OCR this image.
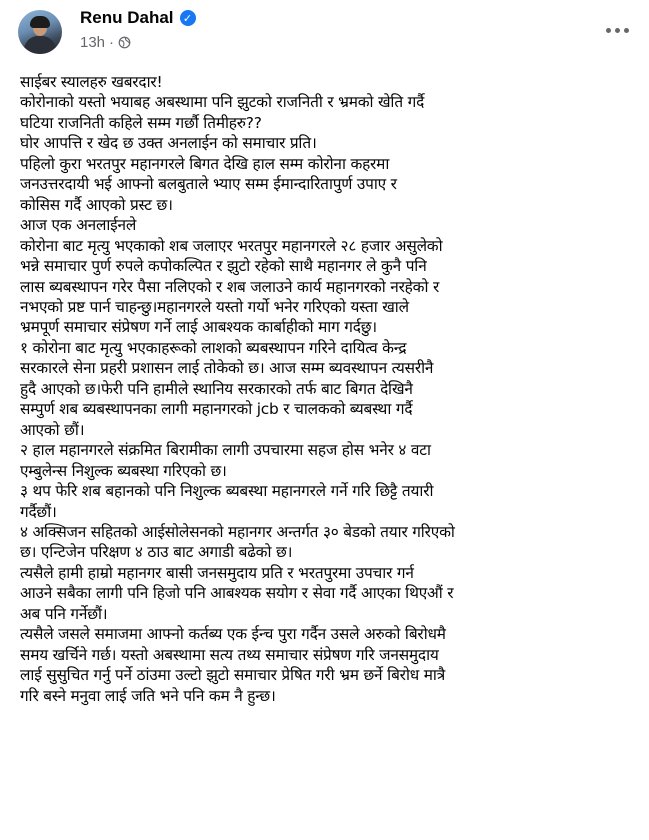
Renu Dahal ✓
13h ·
साईबर स्यालहरु खबरदार!
कोरोनाको यस्तो भयाबह अबस्थामा पनि झुटको राजनिती र भ्रमको खेति गर्दै
घटिया राजनिती कहिले सम्म गर्छौ तिमीहरु??
घोर आपत्ति र खेद छ उक्त अनलाईन को समाचार प्रति।
पहिलो कुरा भरतपुर महानगरले बिगत देखि हाल सम्म कोरोना कहरमा
जनउत्तरदायी भई आफ्नो बलबुताले भ्याए सम्म ईमान्दारितापुर्ण उपाए र
कोसिस गर्दै आएको प्रस्ट छ।
आज एक अनलाईनले
कोरोना बाट मृत्यु भएकाको शब जलाएर भरतपुर महानगरले २८ हजार असुलेको
भन्ने समाचार पुर्ण रुपले कपोकल्पित र झुटो रहेको साथै महानगर ले कुनै पनि
लास ब्यबस्थापन गरेर पैसा नलिएको र शब जलाउने कार्य महानगरको नरहेको र
नभएको प्रष्ट पार्न चाहन्छु।महानगरले यस्तो गर्यो भनेर गरिएको यस्ता खाले
भ्रमपूर्ण समाचार संप्रेषण गर्ने लाई आबश्यक कार्बाहीको माग गर्दछु।
१ कोरोना बाट मृत्यु भएकाहरूको लाशको ब्यबस्थापन गरिने दायित्व केन्द्र
सरकारले सेना प्रहरी प्रशासन लाई तोकेको छ। आज सम्म ब्यवस्थापन त्यसरीनै
हुदै आएको छ।फेरी पनि हामीले स्थानिय सरकारको तर्फ बाट बिगत देखिनै
सम्पुर्ण शब ब्यबस्थापनका लागी महानगरको jcb र चालकको ब्यबस्था गर्दै
आएको छौं।
२ हाल महानगरले संक्रमित बिरामीका लागी उपचारमा सहज होस भनेर ४ वटा
एम्बुलेन्स निशुल्क ब्यबस्था गरिएको छ।
३ थप फेरि शब बहानको पनि निशुल्क ब्यबस्था महानगरले गर्ने गरि छिट्टै तयारी
गर्दैछौं।
४ अक्सिजन सहितको आईसोलेसनको महानगर अन्तर्गत ३० बेडको तयार गरिएको
छ। एन्टिजेन परिक्षण ४ ठाउ बाट अगाडी बढेको छ।
त्यसैले हामी हाम्रो महानगर बासी जनसमुदाय प्रति र भरतपुरमा उपचार गर्न
आउने सबैका लागी पनि हिजो पनि आबश्यक सयोग र सेवा गर्दै आएका थिएऔं र
अब पनि गर्नेछौं।
त्यसैले जसले समाजमा आफ्नो कर्तब्य एक ईन्च पुरा गर्दैन उसले अरुको बिरोधमै
समय खर्चिने गर्छ। यस्तो अबस्थामा सत्य तथ्य समाचार संप्रेषण गरि जनसमुदाय
लाई सुसुचित गर्नु पर्ने ठांउमा उल्टो झुटो समाचार प्रेषित गरी भ्रम छर्ने बिरोध मात्रै
गरि बस्ने मनुवा लाई जति भने पनि कम नै हुन्छ।
